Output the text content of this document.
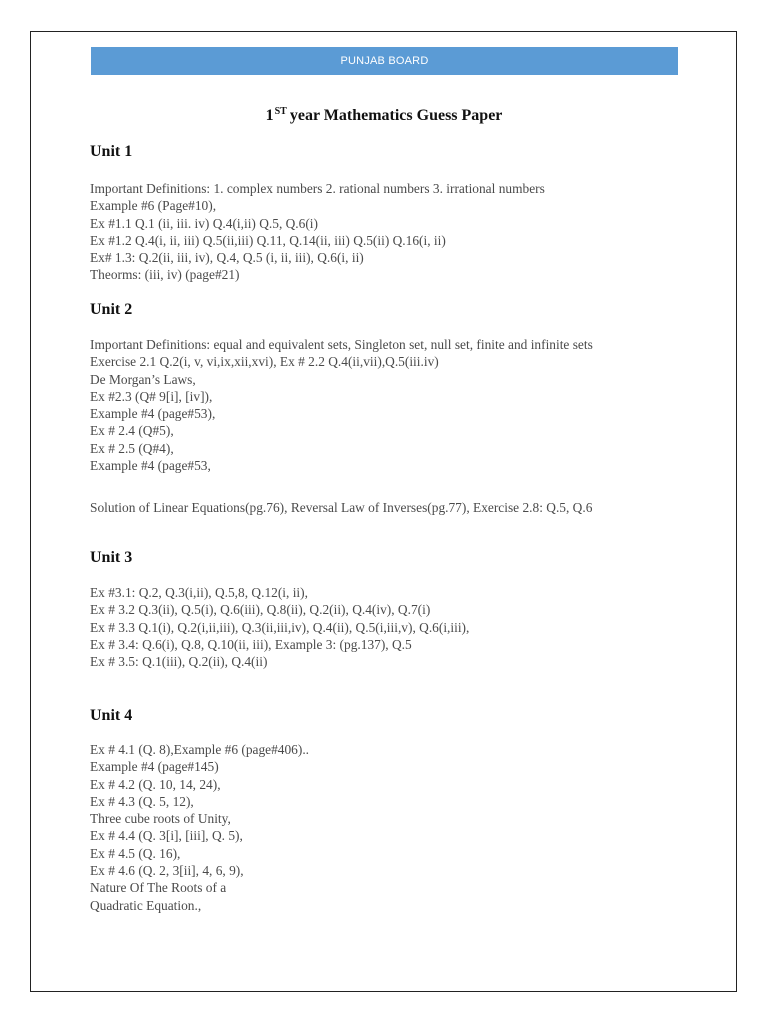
PUNJAB BOARD
1ST year Mathematics Guess Paper
Unit 1
Important Definitions: 1. complex numbers 2. rational numbers 3. irrational numbers
Example #6 (Page#10),
Ex #1.1 Q.1 (ii, iii. iv) Q.4(i,ii) Q.5, Q.6(i)
Ex #1.2 Q.4(i, ii, iii) Q.5(ii,iii) Q.11, Q.14(ii, iii) Q.5(ii) Q.16(i, ii)
Ex# 1.3: Q.2(ii, iii, iv), Q.4, Q.5 (i, ii, iii), Q.6(i, ii)
Theorms: (iii, iv) (page#21)
Unit 2
Important Definitions: equal and equivalent sets, Singleton set, null set, finite and infinite sets
Exercise 2.1 Q.2(i, v, vi,ix,xii,xvi), Ex # 2.2 Q.4(ii,vii),Q.5(iii.iv)
De Morgan’s Laws,
Ex #2.3 (Q# 9[i], [iv]),
Example #4 (page#53),
Ex # 2.4 (Q#5),
Ex # 2.5 (Q#4),
Example #4 (page#53,
Solution of Linear Equations(pg.76), Reversal Law of Inverses(pg.77), Exercise 2.8: Q.5, Q.6
Unit 3
Ex #3.1: Q.2, Q.3(i,ii), Q.5,8, Q.12(i, ii),
Ex # 3.2 Q.3(ii), Q.5(i), Q.6(iii), Q.8(ii), Q.2(ii), Q.4(iv), Q.7(i)
Ex # 3.3 Q.1(i), Q.2(i,ii,iii), Q.3(ii,iii,iv), Q.4(ii), Q.5(i,iii,v), Q.6(i,iii),
Ex # 3.4: Q.6(i), Q.8, Q.10(ii, iii), Example 3: (pg.137), Q.5
Ex # 3.5: Q.1(iii), Q.2(ii), Q.4(ii)
Unit 4
Ex # 4.1 (Q. 8),Example #6 (page#406)..
Example #4 (page#145)
Ex # 4.2 (Q. 10, 14, 24),
Ex # 4.3 (Q. 5, 12),
Three cube roots of Unity,
Ex # 4.4 (Q. 3[i], [iii], Q. 5),
Ex # 4.5 (Q. 16),
Ex # 4.6 (Q. 2, 3[ii], 4, 6, 9),
Nature Of The Roots of a
Quadratic Equation.,
